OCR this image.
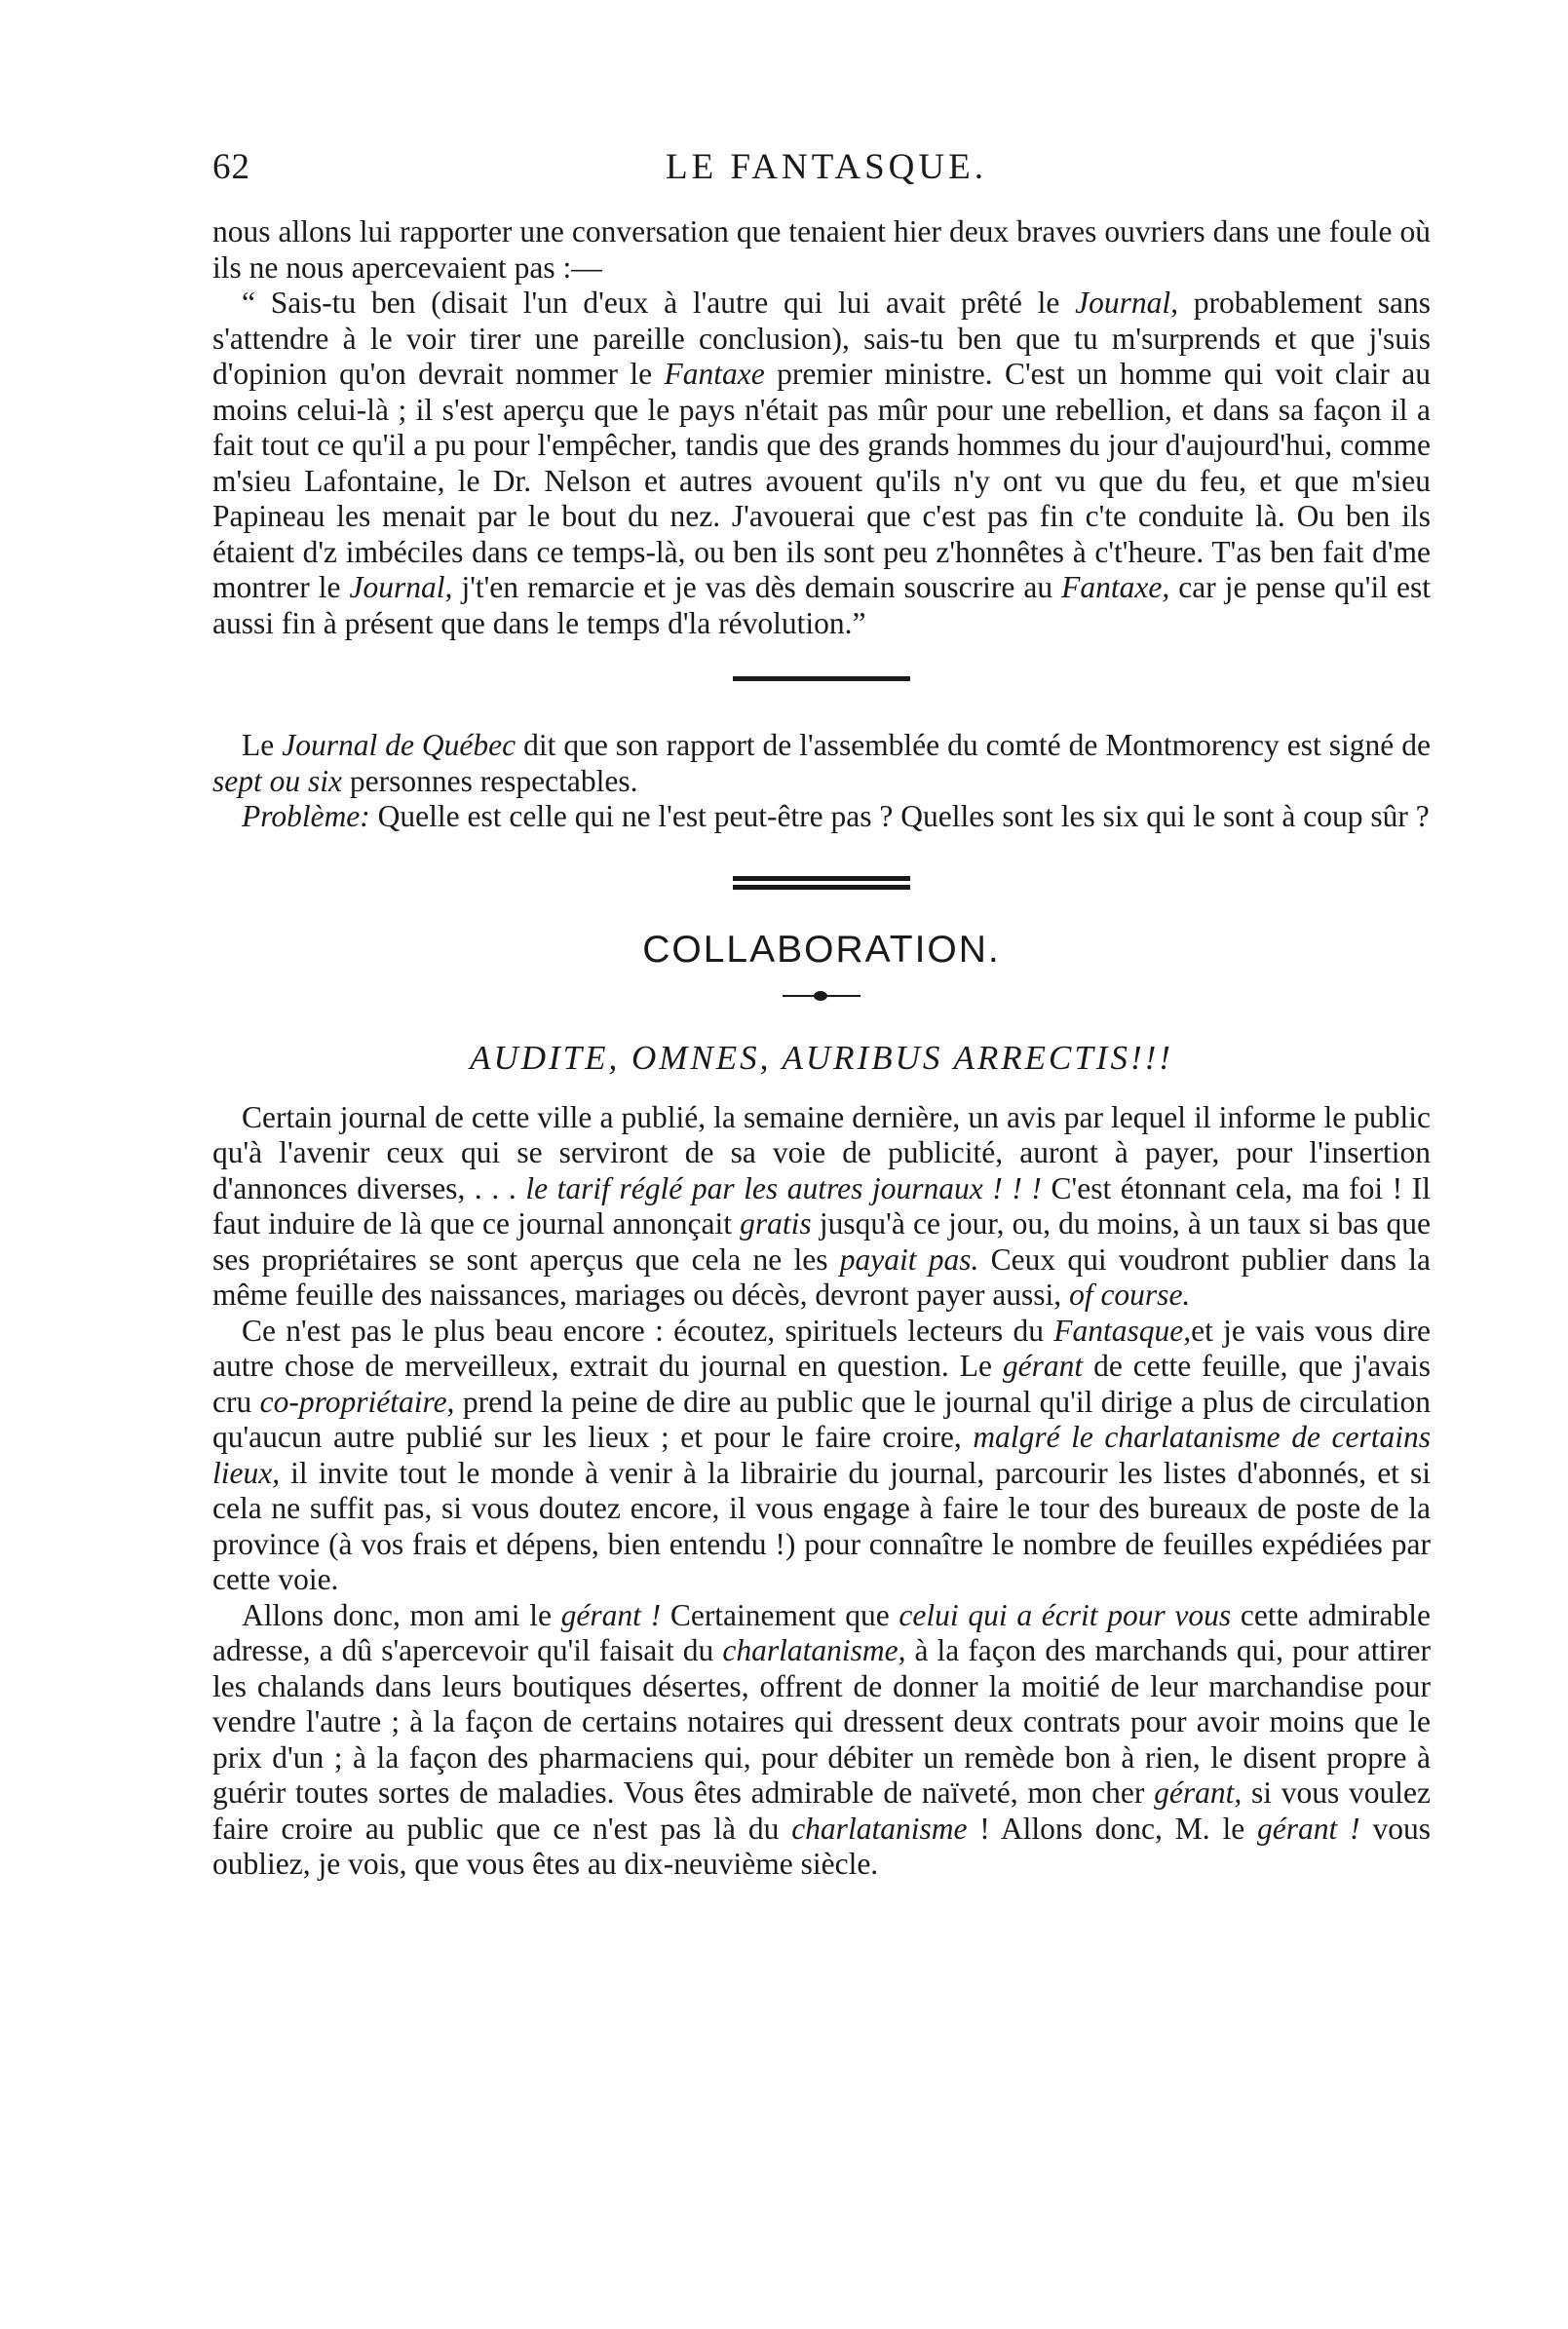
62	LE FANTASQUE.

nous allons lui rapporter une conversation que tenaient hier deux braves ouvriers dans une foule où ils ne nous apercevaient pas :—

“ Sais-tu ben (disait l'un d'eux à l'autre qui lui avait prêté le Journal, probablement sans s'attendre à le voir tirer une pareille conclusion), sais-tu ben que tu m'surprends et que j'suis d'opinion qu'on devrait nommer le Fantaxe premier ministre. C'est un homme qui voit clair au moins celui-là ; il s'est aperçu que le pays n'était pas mûr pour une rebellion, et dans sa façon il a fait tout ce qu'il a pu pour l'empêcher, tandis que des grands hommes du jour d'aujourd'hui, comme m'sieu Lafontaine, le Dr. Nelson et autres avouent qu'ils n'y ont vu que du feu, et que m'sieu Papineau les menait par le bout du nez. J'avouerai que c'est pas fin c'te conduite là. Ou ben ils étaient d'z imbéciles dans ce temps-là, ou ben ils sont peu z'honnêtes à c't'heure. T'as ben fait d'me montrer le Journal, j't'en remarcie et je vas dès demain souscrire au Fantaxe, car je pense qu'il est aussi fin à présent que dans le temps d'la révolution.”

Le Journal de Québec dit que son rapport de l'assemblée du comté de Montmorency est signé de sept ou six personnes respectables.

Problème: Quelle est celle qui ne l'est peut-être pas ? Quelles sont les six qui le sont à coup sûr ?

COLLABORATION.
AUDITE, OMNES, AURIBUS ARRECTIS!!!

Certain journal de cette ville a publié, la semaine dernière, un avis par lequel il informe le public qu'à l'avenir ceux qui se serviront de sa voie de publicité, auront à payer, pour l'insertion d'annonces diverses, . . . le tarif réglé par les autres journaux ! ! ! C'est étonnant cela, ma foi ! Il faut induire de là que ce journal annonçait gratis jusqu'à ce jour, ou, du moins, à un taux si bas que ses propriétaires se sont aperçus que cela ne les payait pas. Ceux qui voudront publier dans la même feuille des naissances, mariages ou décès, devront payer aussi, of course.

Ce n'est pas le plus beau encore : écoutez, spirituels lecteurs du Fantasque,et je vais vous dire autre chose de merveilleux, extrait du journal en question. Le gérant de cette feuille, que j'avais cru co-propriétaire, prend la peine de dire au public que le journal qu'il dirige a plus de circulation qu'aucun autre publié sur les lieux ; et pour le faire croire, malgré le charlatanisme de certains lieux, il invite tout le monde à venir à la librairie du journal, parcourir les listes d'abonnés, et si cela ne suffit pas, si vous doutez encore, il vous engage à faire le tour des bureaux de poste de la province (à vos frais et dépens, bien entendu !) pour connaître le nombre de feuilles expédiées par cette voie.

Allons donc, mon ami le gérant ! Certainement que celui qui a écrit pour vous cette admirable adresse, a dû s'apercevoir qu'il faisait du charlatanisme, à la façon des marchands qui, pour attirer les chalands dans leurs boutiques désertes, offrent de donner la moitié de leur marchandise pour vendre l'autre ; à la façon de certains notaires qui dressent deux contrats pour avoir moins que le prix d'un ; à la façon des pharmaciens qui, pour débiter un remède bon à rien, le disent propre à guérir toutes sortes de maladies. Vous êtes admirable de naïveté, mon cher gérant, si vous voulez faire croire au public que ce n'est pas là du charlatanisme ! Allons donc, M. le gérant ! vous oubliez, je vois, que vous êtes au dix-neuvième siècle.
